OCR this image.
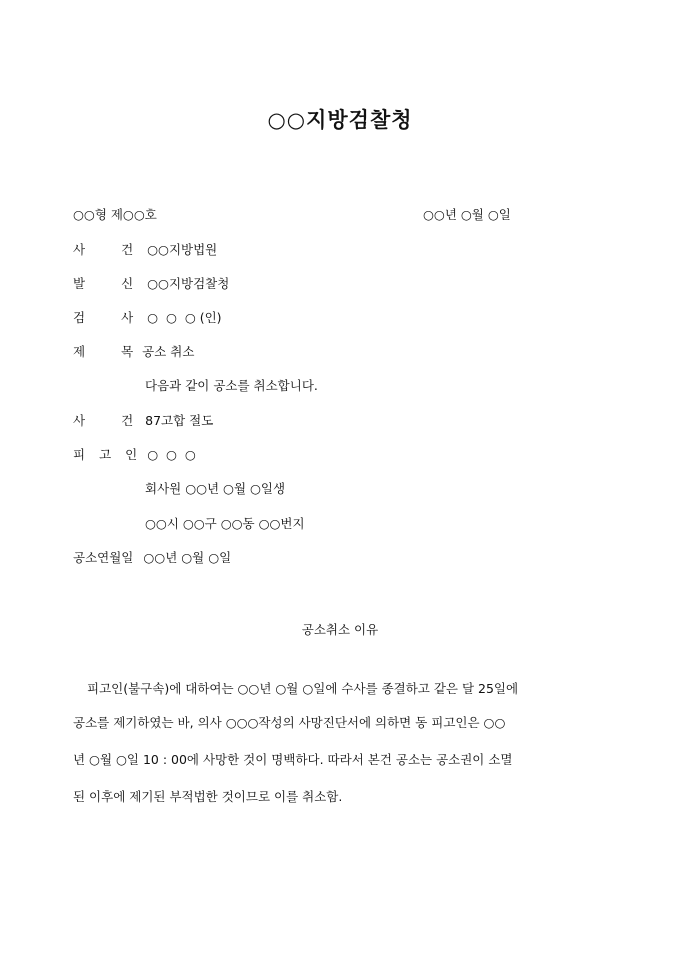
○○지방검찰청
○○형 제○○호	○○년 ○월 ○일
사	건 ○○지방법원
발	신 ○○지방검찰청
검	사 ○  ○  ○ (인)
제	목 공소 취소
다음과 같이 공소를 취소합니다.
사	건 87고합 절도
피 고 인 ○  ○  ○
회사원 ○○년 ○월 ○일생
○○시 ○○구 ○○동 ○○번지
공소연월일 ○○년 ○월 ○일
공소취소 이유
피고인(불구속)에 대하여는 ○○년 ○월 ○일에 수사를 종결하고 같은 달 25일에
공소를 제기하였는 바, 의사 ○○○작성의 사망진단서에 의하면 동 피고인은 ○○
년 ○월 ○일 10 : 00에 사망한 것이 명백하다. 따라서 본건 공소는 공소권이 소멸
된 이후에 제기된 부적법한 것이므로 이를 취소함.
